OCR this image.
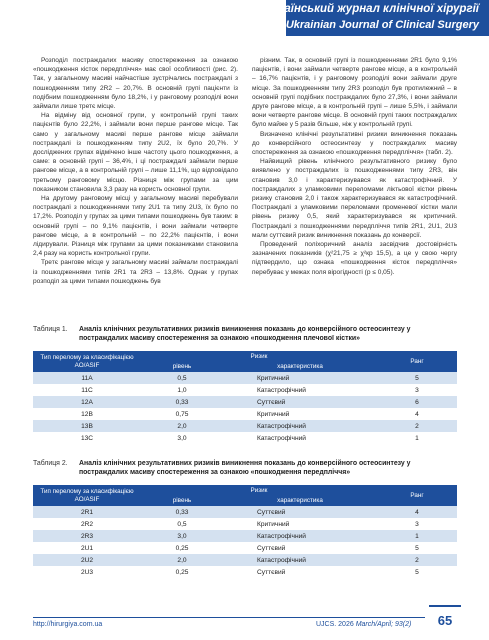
Український журнал клінічної хірургії
The Ukrainian Journal of Clinical Surgery

Розподіл постраждалих масиву спостереження за ознакою «пошкодження кісток передпліччя» має свої особливості (рис. 2). Так, у загальному масиві найчастіше зустрічались постраждалі з пошкодженням типу 2R2 – 20,7%. В основній групі пацієнти із подібним пошкодженням було 18,2%, і у ранговому розподілі вони займали лише третє місце.

На відміну від основної групи, у контрольній групі таких пацієнтів було 22,2%, і займали вони перше рангове місце. Так само у загальному масиві перше рангове місце займали постраждалі із пошкодженням типу 2U2, їх було 20,7%. У досліджених групах відмічено інше частоту цього пошкодження, а саме: в основній групі – 36,4%, і ці постраждалі займали перше рангове місце, а в контрольній групі – лише 11,1%, що відповідало третьому ранговому місцю. Різниця між групами за цим показником становила 3,3 разу на користь основної групи.

На другому ранговому місці у загальному масиві перебували постраждалі з пошкодженнями типу 2U1 та типу 2U3, їх було по 17,2%. Розподіл у групах за цими типами пошкоджень був таким: в основній групі – по 9,1% пацієнтів, і вони займали четверте рангове місце, а в контрольній – по 22,2% пацієнтів, і вони лідирували. Різниця між групами за цими показниками становила 2,4 разу на користь контрольної групи.

Третє рангове місце у загальному масиві займали постраждалі із пошкодженнями типів 2R1 та 2R3 – 13,8%. Однак у групах розподіл за цими типами пошкоджень був

різним. Так, в основній групі із пошкодженнями 2R1 було 9,1% пацієнтів, і вони займали четверте рангове місце, а в контрольній – 16,7% пацієнтів, і у ранговому розподілі вони займали друге місце. За пошкодженням типу 2R3 розподіл був протилежний – в основній групі подібних постраждалих було 27,3%, і вони займали друге рангове місце, а в контрольній групі – лише 5,5%, і займали вони четверте рангове місце. В основній групі таких постраждалих було майже у 5 разів більше, ніж у контрольній групі.

Визначено клінічні результативні ризики виникнення показань до конверсійного остеосинтезу у постраждалих масиву спостереження за ознакою «пошкодження передпліччя» (табл. 2).

Найвищий рівень клінічного результативного ризику було виявлено у постраждалих із пошкодженнями типу 2R3, він становив 3,0 і характеризувався як катастрофічний. У постраждалих з уламковими переломами ліктьової кістки рівень ризику становив 2,0 і також характеризувався як катастрофічний. Постраждалі з уламковими переломами променевої кістки мали рівень ризику 0,5, який характеризувався як критичний. Постраждалі з пошкодженнями передпліччя типів 2R1, 2U1, 2U3 мали суттєвий ризик виникнення показань до конверсії.

Проведений поліхоричний аналіз засвідчив достовірність зазначених показників (χ²21,75 ≥ χ²кр 15,5), а це у свою чергу підтвердило, що ознака «пошкодження кісток передпліччя» перебуває у межах поля вірогідності (p ≤ 0,05).

Таблиця 1.	Аналіз клінічних результативних ризиків виникнення показань до конверсійного остеосинтезу у постраждалих масиву спостереження за ознакою «пошкодження плечової кістки»
Тип перелому за класифікацією АО/ASIF	Ризик		Ранг
	рівень	характеристика	
11A	0,5	Критичний	5
11C	1,0	Катастрофічний	3
12A	0,33	Суттєвий	6
12B	0,75	Критичний	4
13B	2,0	Катастрофічний	2
13C	3,0	Катастрофічний	1
Таблиця 2.	Аналіз клінічних результативних ризиків виникнення показань до конверсійного остеосинтезу у постраждалих масиву спостереження за ознакою «пошкодження передпліччя»
Тип перелому за класифікацією АО/ASIF	Ризик		Ранг
	рівень	характеристика	
2R1	0,33	Суттєвий	4
2R2	0,5	Критичний	3
2R3	3,0	Катастрофічний	1
2U1	0,25	Суттєвий	5
2U2	2,0	Катастрофічний	2
2U3	0,25	Суттєвий	5
http://hirurgiya.com.ua	UJCS. 2026 March/April; 93(2)	65
